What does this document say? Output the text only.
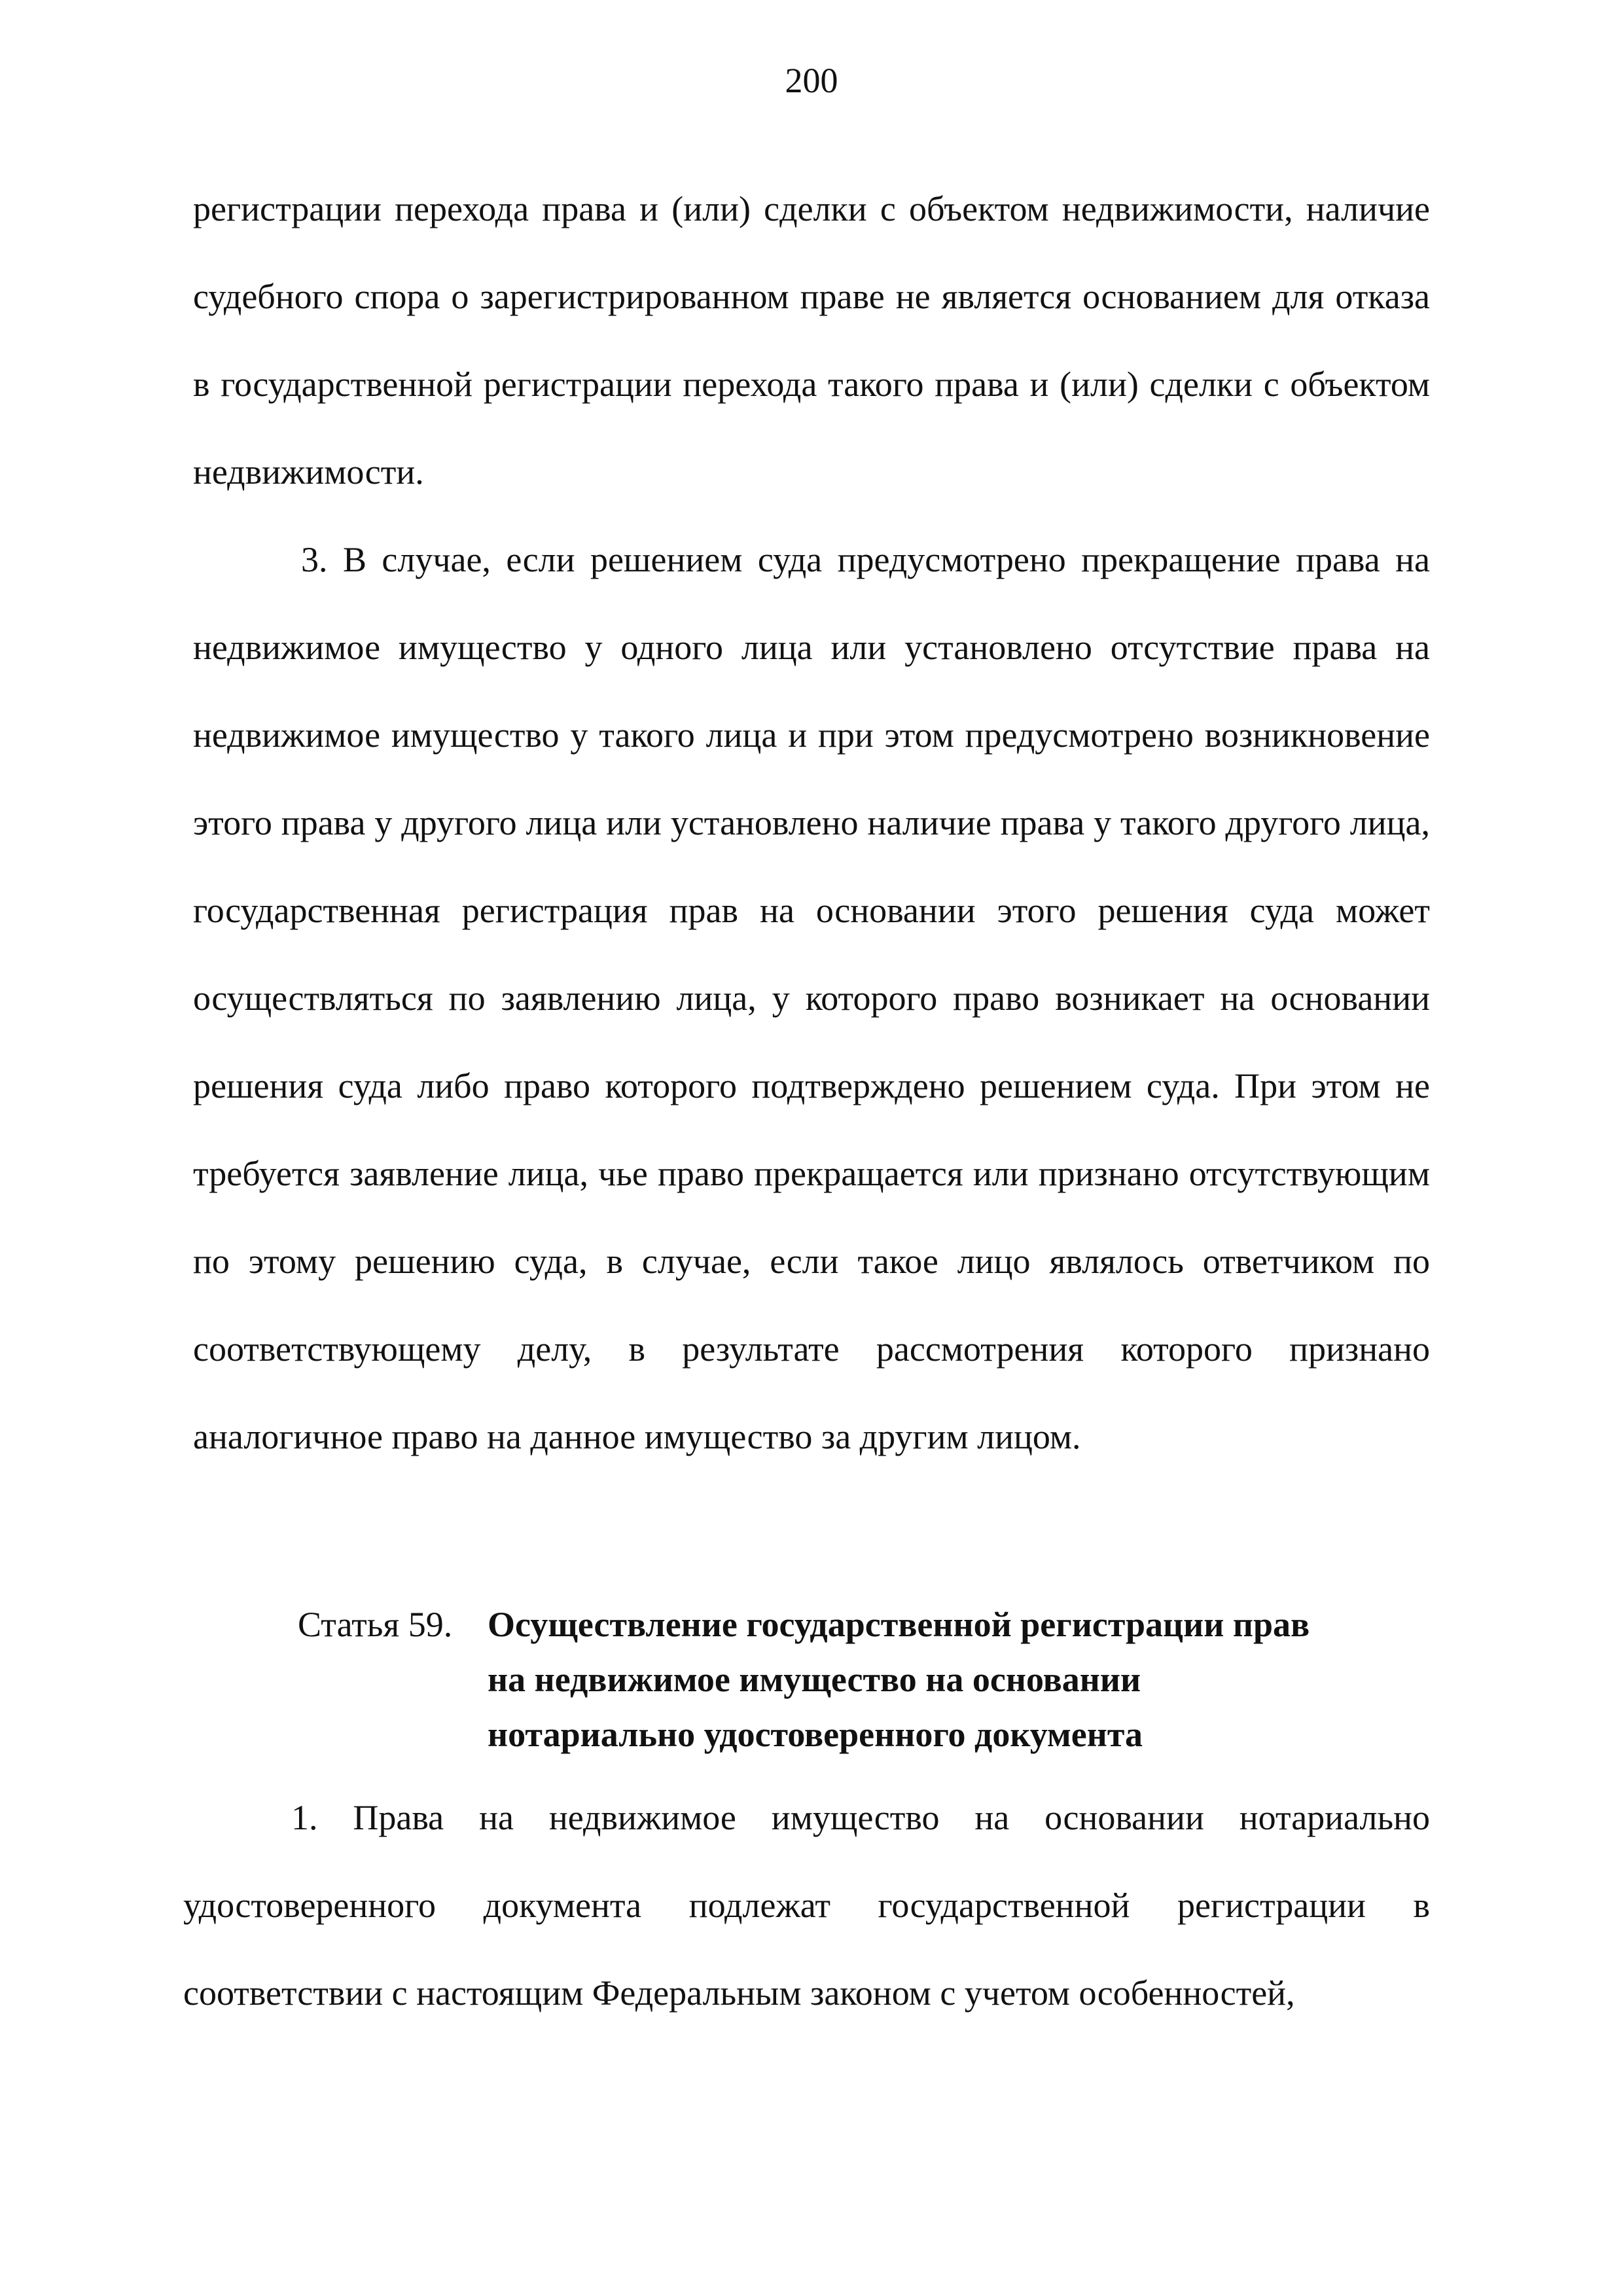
200

регистрации перехода права и (или) сделки с объектом недвижимости, наличие судебного спора о зарегистрированном праве не является основанием для отказа в государственной регистрации перехода такого права и (или) сделки с объектом недвижимости.

3. В случае, если решением суда предусмотрено прекращение права на недвижимое имущество у одного лица или установлено отсутствие права на недвижимое имущество у такого лица и при этом предусмотрено возникновение этого права у другого лица или установлено наличие права у такого другого лица, государственная регистрация прав на основании этого решения суда может осуществляться по заявлению лица, у которого право возникает на основании решения суда либо право которого подтверждено решением суда. При этом не требуется заявление лица, чье право прекращается или признано отсутствующим по этому решению суда, в случае, если такое лицо являлось ответчиком по соответствующему делу, в результате рассмотрения которого признано аналогичное право на данное имущество за другим лицом.

Статья 59. Осуществление государственной регистрации прав
на недвижимое имущество на основании
нотариально удостоверенного документа

1. Права на недвижимое имущество на основании нотариально удостоверенного документа подлежат государственной регистрации в соответствии с настоящим Федеральным законом с учетом особенностей,
